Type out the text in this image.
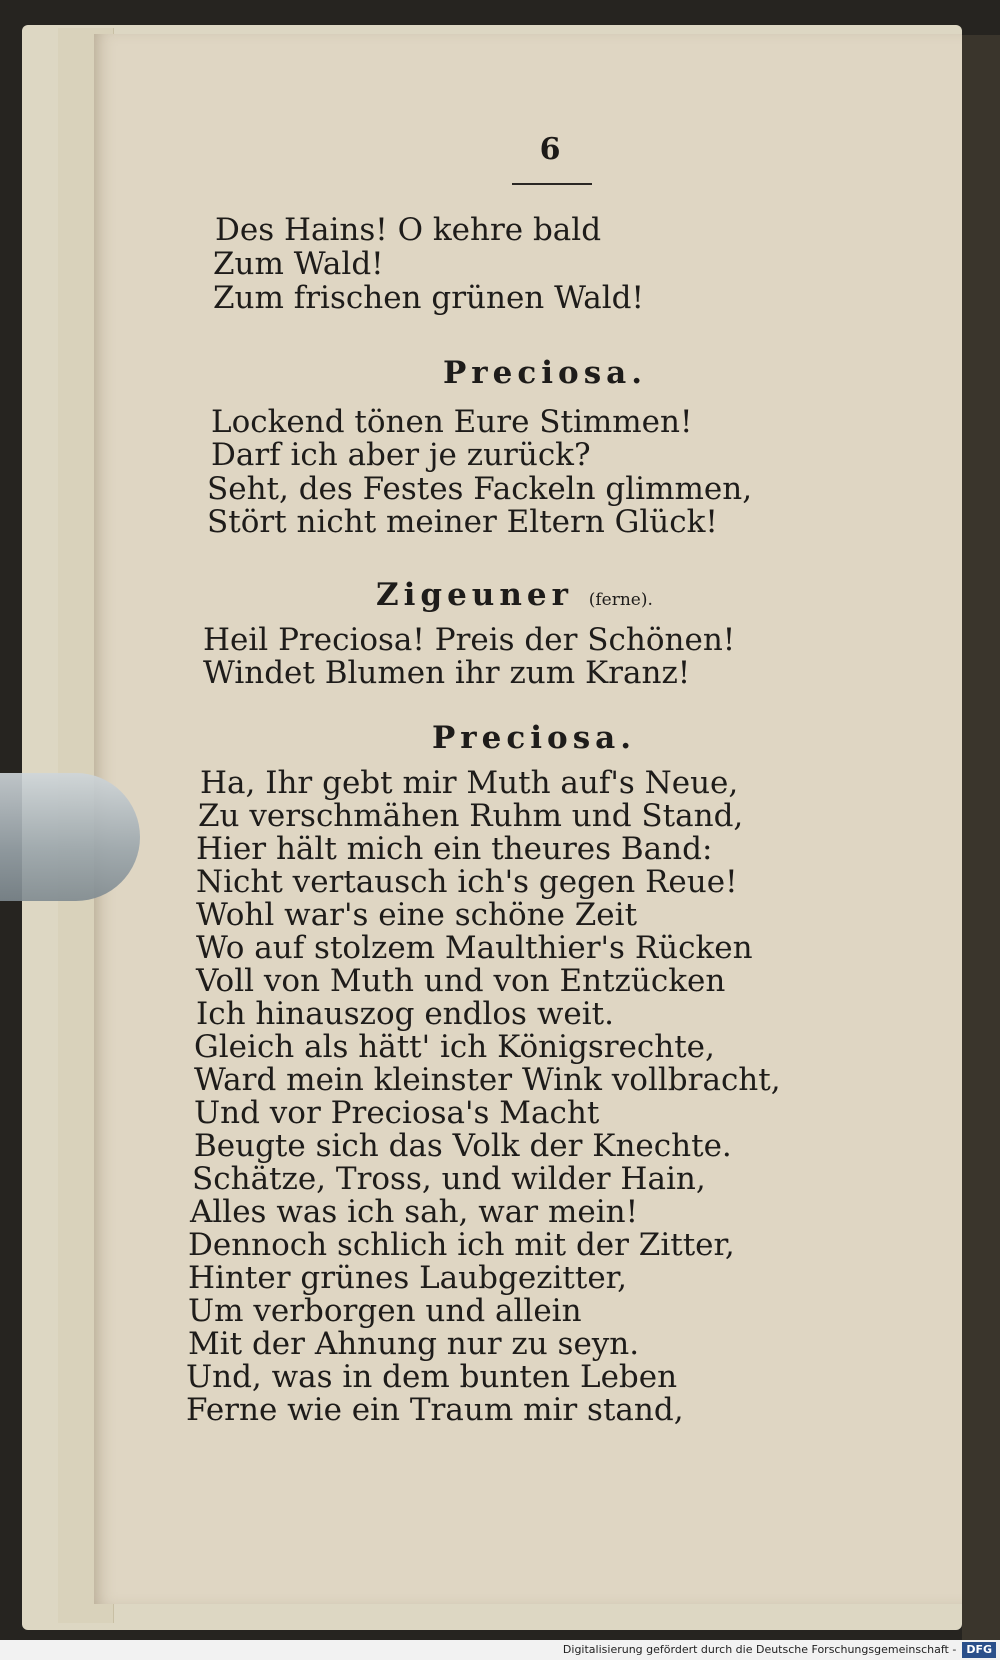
6
Des Hains! O kehre bald
Zum Wald!
Zum frischen grünen Wald!
Preciosa.
Lockend tönen Eure Stimmen!
Darf ich aber je zurück?
Seht, des Festes Fackeln glimmen,
Stört nicht meiner Eltern Glück!
Zigeuner (ferne).
Heil Preciosa! Preis der Schönen!
Windet Blumen ihr zum Kranz!
Preciosa.
Ha, Ihr gebt mir Muth auf's Neue,
Zu verschmähen Ruhm und Stand,
Hier hält mich ein theures Band:
Nicht vertausch ich's gegen Reue!
Wohl war's eine schöne Zeit
Wo auf stolzem Maulthier's Rücken
Voll von Muth und von Entzücken
Ich hinauszog endlos weit.
Gleich als hätt' ich Königsrechte,
Ward mein kleinster Wink vollbracht,
Und vor Preciosa's Macht
Beugte sich das Volk der Knechte.
Schätze, Tross, und wilder Hain,
Alles was ich sah, war mein!
Dennoch schlich ich mit der Zitter,
Hinter grünes Laubgezitter,
Um verborgen und allein
Mit der Ahnung nur zu seyn.
Und, was in dem bunten Leben
Ferne wie ein Traum mir stand,
Digitalisierung gefördert durch die Deutsche Forschungsgemeinschaft - DFG
